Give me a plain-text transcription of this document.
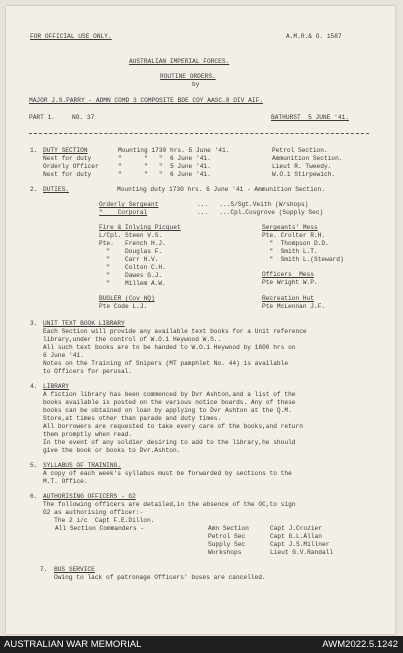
FOR OFFICIAL USE ONLY.	A.M.R.& O. 1587
AUSTRALIAN IMPERIAL FORCES.
ROUTINE ORDERS.
by
MAJOR J.S.PARRY - ADMN COMD 3 COMPOSITE BDE COY AASC.8 DIV AIF.
PART 1.	NO. 37	BATHURST  5 JUNE '41.
1. DUTY SECTION	Mounting 1730 hrs. 5 June '41.	Petrol Section.
Next for duty	"      "   "  6 June '41.	Ammunition Section.
Orderly Officer	"      "   "  5 June '41.	Lieut R. Tweedy.
Next for duty	"      "   "  6 June '41.	W.O.1 Stirpewich.
2. DUTIES.	Mounting duty 1730 hrs. 6 June '41 - Ammunition Section.
Orderly Sergeant	...   ...S/Sgt.Veith (W/shops)
"    Corporal	...   ...Cpl.Cosgrove (Supply Sec)
Fire & Inlying Picquet
L/Cpl. Steen V.S.
Pte.   French H.J.
"    Douglas F.
"    Carr H.V.
"    Colton C.H.
"    Dawes G.J.
"    Millem A.W.
Sergeants' Mess
Pte. Crolter R.H.
"  Thompson D.D.
"  Smith L.T.
"  Smith L.(Steward)
Officers  Mess
Pte Wright W.P.
BUGLER (Cov HQ)
Pte Code L.J.
Recreation Hut
Pte McLennan J.F.
3. UNIT TEXT BOOK LIBRARY
Each Section will provide any available text books for a Unit reference
library,under the control of W.O.1 Heywood W.S..
All such text books are to be handed to W.O.1 Heywood by 1600 hrs on
6 June '41.
Notes on the Training of Snipers (MT pamphlet No. 44) is available
to Officers for perusal.
4. LIBRARY
A fiction library has been commenced by Dvr Ashton,and a list of the
books available is posted on the various notice boards. Any of these
books can be obtained on loan by applying to Dvr Ashton at the Q.M.
Store,at times other than parade and duty times.
All borrowers are requested to take every care of the books,and return
them promptly when read.
In the event of any soldier desiring to add to the library,he should
give the book or books to Dvr.Ashton.
5. SYLLABUS OF TRAINING.
A copy of each week's syllabus must be forwarded by sections to the
M.T. Office.
6. AUTHORISING OFFICERS - G2
The following officers are detailed,in the absence of the OC,to sign
G2 as authorising officer:-
The 2 i/c  Capt F.E.Dillon.
All Section Commanders -	Amn Section	Capt J.Crozier
Petrol Sec	Capt G.L.Allan
Supply Sec	Capt J.S.Millner
Workshops	Lieut G.V.Randall
7. BUS SERVICE
Owing to lack of patronage Officers' buses are cancelled.
AUSTRALIAN WAR MEMORIAL	AWM2022.5.1242
